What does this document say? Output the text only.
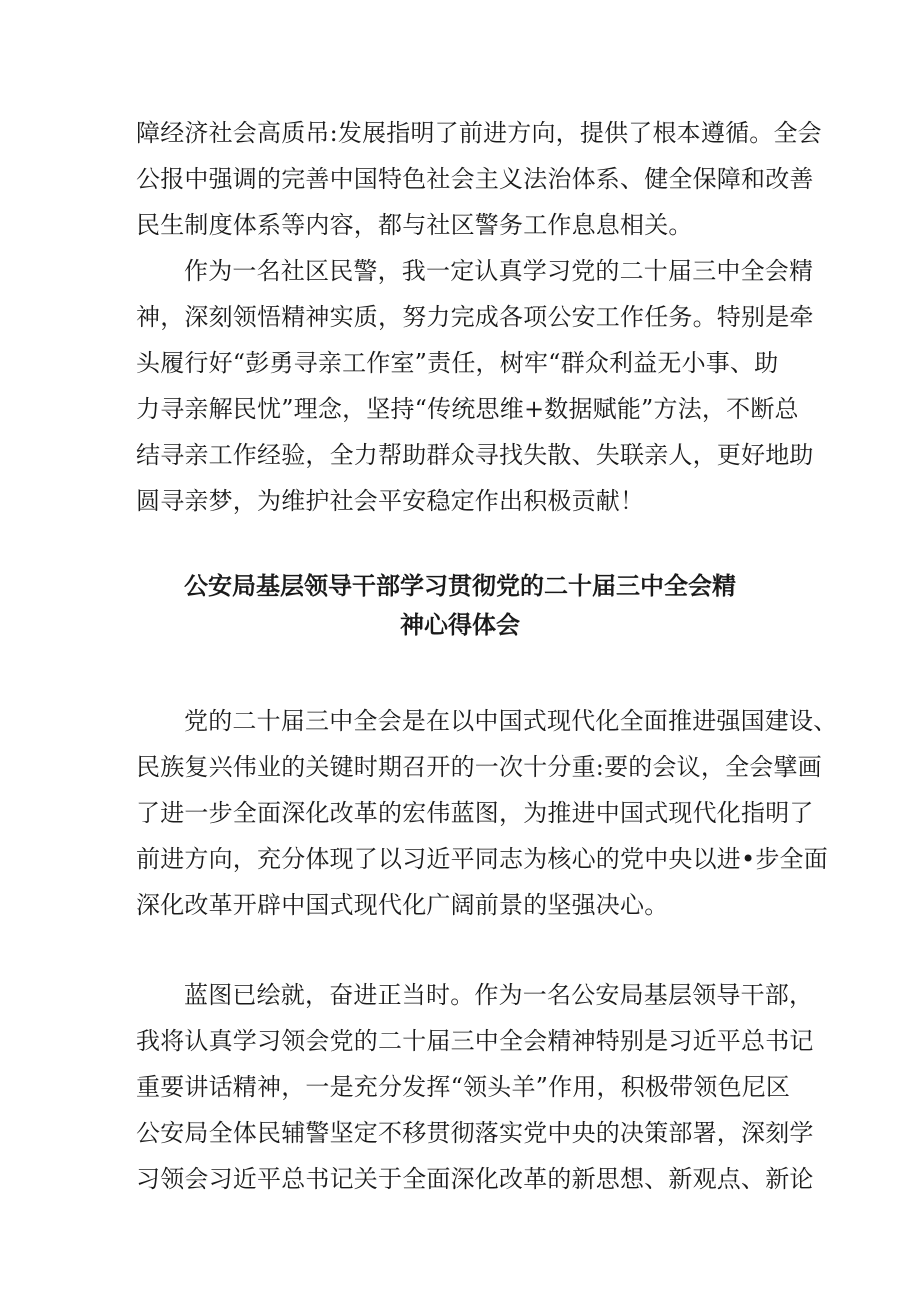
障经济社会高质吊:发展指明了前进方向，提供了根本遵循。全会
公报中强调的完善中国特色社会主义法治体系、健全保障和改善
民生制度体系等内容，都与社区警务工作息息相关。
作为一名社区民警，我一定认真学习党的二十届三中全会精
神，深刻领悟精神实质，努力完成各项公安工作任务。特别是牵
头履行好“彭勇寻亲工作室”责任，树牢“群众利益无小事、助
力寻亲解民忧”理念，坚持“传统思维+数据赋能”方法，不断总
结寻亲工作经验，全力帮助群众寻找失散、失联亲人，更好地助
圆寻亲梦，为维护社会平安稳定作出积极贡献！
公安局基层领导干部学习贯彻党的二十届三中全会精
神心得体会
党的二十届三中全会是在以中国式现代化全面推进强国建设、
民族复兴伟业的关键时期召开的一次十分重:要的会议，全会擘画
了进一步全面深化改革的宏伟蓝图，为推进中国式现代化指明了
前进方向，充分体现了以习近平同志为核心的党中央以进•步全面
深化改革开辟中国式现代化广阔前景的坚强决心。
蓝图已绘就，奋进正当时。作为一名公安局基层领导干部，
我将认真学习领会党的二十届三中全会精神特别是习近平总书记
重要讲话精神，一是充分发挥“领头羊”作用，积极带领色尼区
公安局全体民辅警坚定不移贯彻落实党中央的决策部署，深刻学
习领会习近平总书记关于全面深化改革的新思想、新观点、新论
